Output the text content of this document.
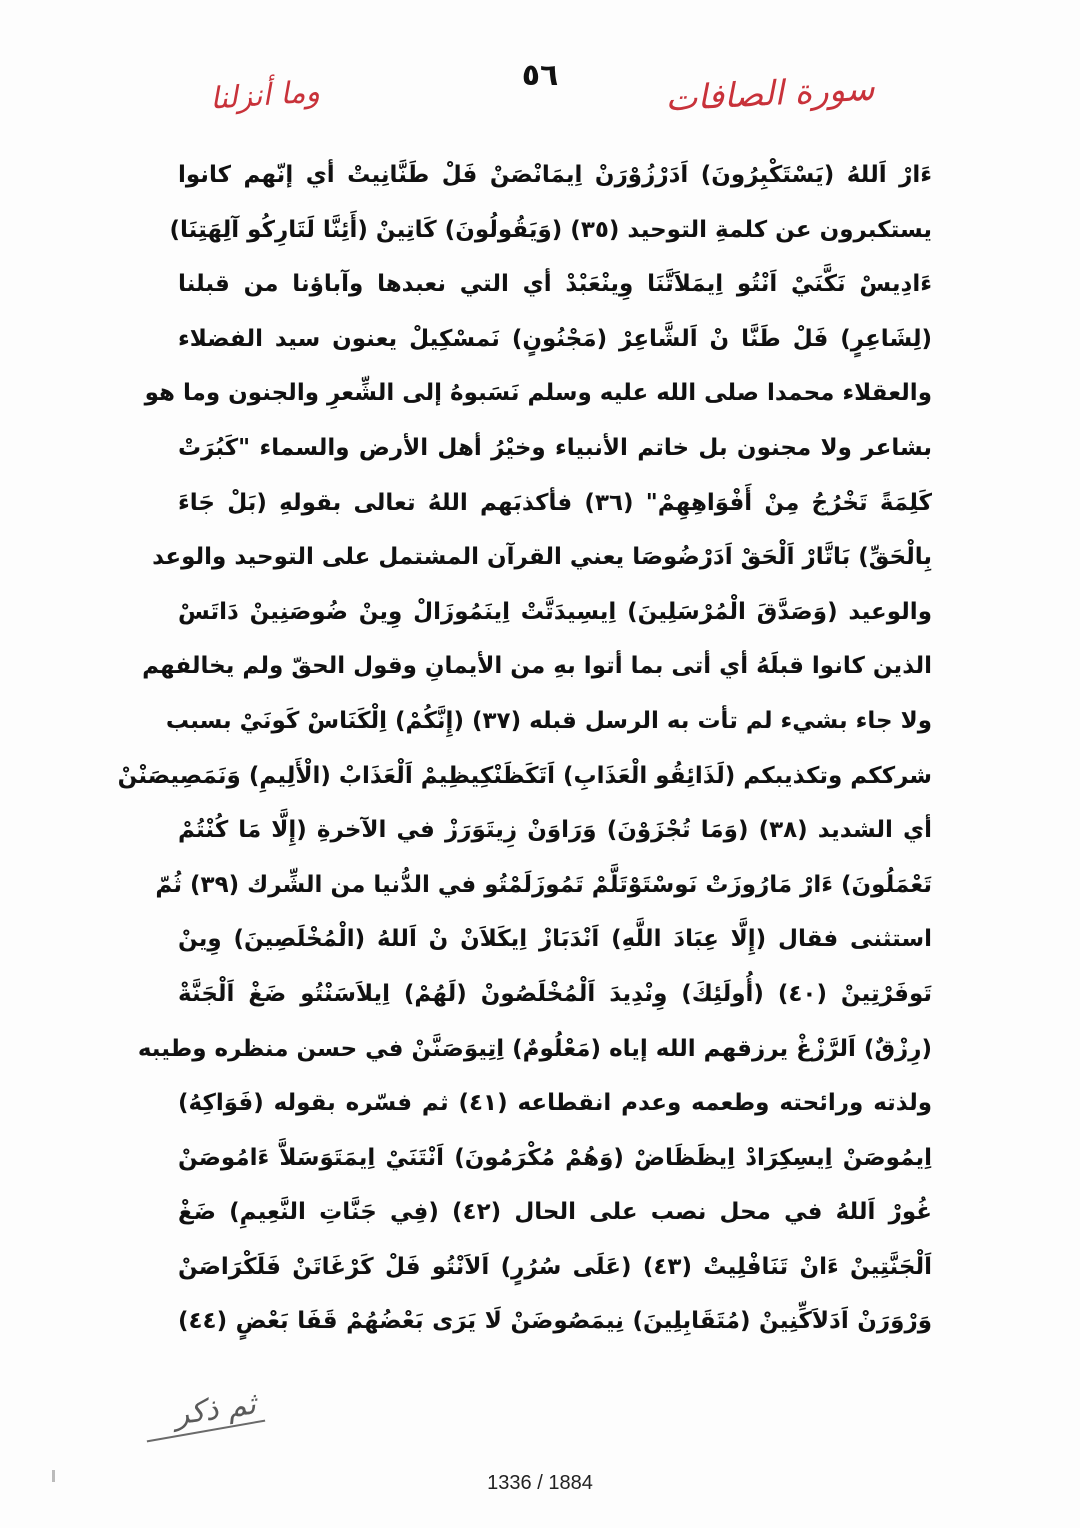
٥٦	سورة الصافات
وما أنزلنا
ءَارْ اَللهُ (يَسْتَكْبِرُونَ) اَدَرْزُوْرَنْ اِيمَانْصَنْ فَلْ طَنَّانِيتْ أي إنّهم كانوا
يستكبرون عن كلمةِ التوحيد (٣٥) (وَيَقُولُونَ) كَاتِينْ (أَئِنَّا لَتَارِكُو آلِهَتِنَا)
ءَادِيسْ نَكَّنَيْ اَنْتُو اِيمَلاَتَّنَا وِينْعَبْدْ أي التي نعبدها وآباؤنا من قبلنا
(لِشَاعِرٍ) فَلْ طَنَّا نْ اَلشَّاعِرْ (مَجْنُونٍ) نَمسْكِيلْ يعنون سيد الفضلاء
والعقلاء محمدا صلى الله عليه وسلم نَسَبوهُ إلى الشِّعرِ والجنون وما هو
بشاعر ولا مجنون بل خاتم الأنبياء وخيْرُ أهل الأرض والسماء "كَبُرَتْ
كَلِمَةً تَخْرُجُ مِنْ أَفْوَاهِهِمْ" (٣٦) فأكذبَهم اللهُ تعالى بقولهِ (بَلْ جَاءَ
بِالْحَقِّ) بَاتَّارْ اَلْحَقْ اَدَرْضُوصَا يعني القرآن المشتمل على التوحيد والوعد
والوعيد (وَصَدَّقَ الْمُرْسَلِينَ) اِيسِيدَتَّتْ اِينَمُوزَالْ وِينْ ضُوصَنِينْ دَاتَسْ
الذين كانوا قبلَهُ أي أتى بما أتوا بهِ من الأيمانِ وقول الحقّ ولم يخالفهم
ولا جاء بشيء لم تأت به الرسل قبله (٣٧) (إِنَّكُمْ) اِلْكَنَاسْ كَونَيْ بسبب
شرككم وتكذيبكم (لَذَائِقُو الْعَذَابِ) اَتَكَظَنْكِيظِيمْ اَلْعَذَابْ (الْأَلِيمِ) وَنَمَصِيصَنْنْ
أي الشديد (٣٨) (وَمَا تُجْزَوْنَ) وَرَاوَنْ زِيتَوَرَزْ في الآخرةِ (إِلَّا مَا كُنْتُمْ
تَعْمَلُونَ) ءَارْ مَارُوزَتْ نَوسْتَوْتَلَّمْ تَمُوزَلَمْتُو في الدُّنيا من الشِّرك (٣٩) ثُمّ
استثنى فقال (إِلَّا عِبَادَ اللَّهِ) اَنْدَبَازْ اِيكَلاَنْ نْ اَللهُ (الْمُخْلَصِينَ) وِينْ
تَوفَرْتِينْ (٤٠) (أُولَئِكَ) وِنْدِيدَ اَلْمُخْلَصُونْ (لَهُمْ) اِيلاَسَنْتُو ضَغْ اَلْجَنَّةْ
(رِزْقٌ) اَلرَّزْغْ يرزقهم الله إياه (مَعْلُومٌ) اِتِيوَصَنَّنْ في حسن منظره وطيبه
ولذته ورائحته وطعمه وعدم انقطاعه (٤١) ثم فسّره بقوله (فَوَاكِهُ)
اِيمُوصَنْ اِيسِكِرَادْ اِيظَظَاضْ (وَهُمْ مُكْرَمُونَ) اَنْتَنَيْ اِيمَتَوَسَلاَّ ءَامُوصَنْ
غُورْ اَللهُ في محل نصب على الحال (٤٢) (فِي جَنَّاتِ النَّعِيمِ) ضَغْ
اَلْجَنَّتِينْ ءَانْ تَنَافْلِيتْ (٤٣) (عَلَى سُرُرٍ) اَلاَنْتُو فَلْ كَرْغَاتَنْ فَلَكْرَاصَنْ
وَرْوَرَنْ اَدَلاَكِّنِينْ (مُتَقَابِلِينَ) نِيمَصُوضَنْ لَا يَرَى بَعْضُهُمْ قَفَا بَعْضٍ (٤٤)
ثم ذكر
1336 / 1884
